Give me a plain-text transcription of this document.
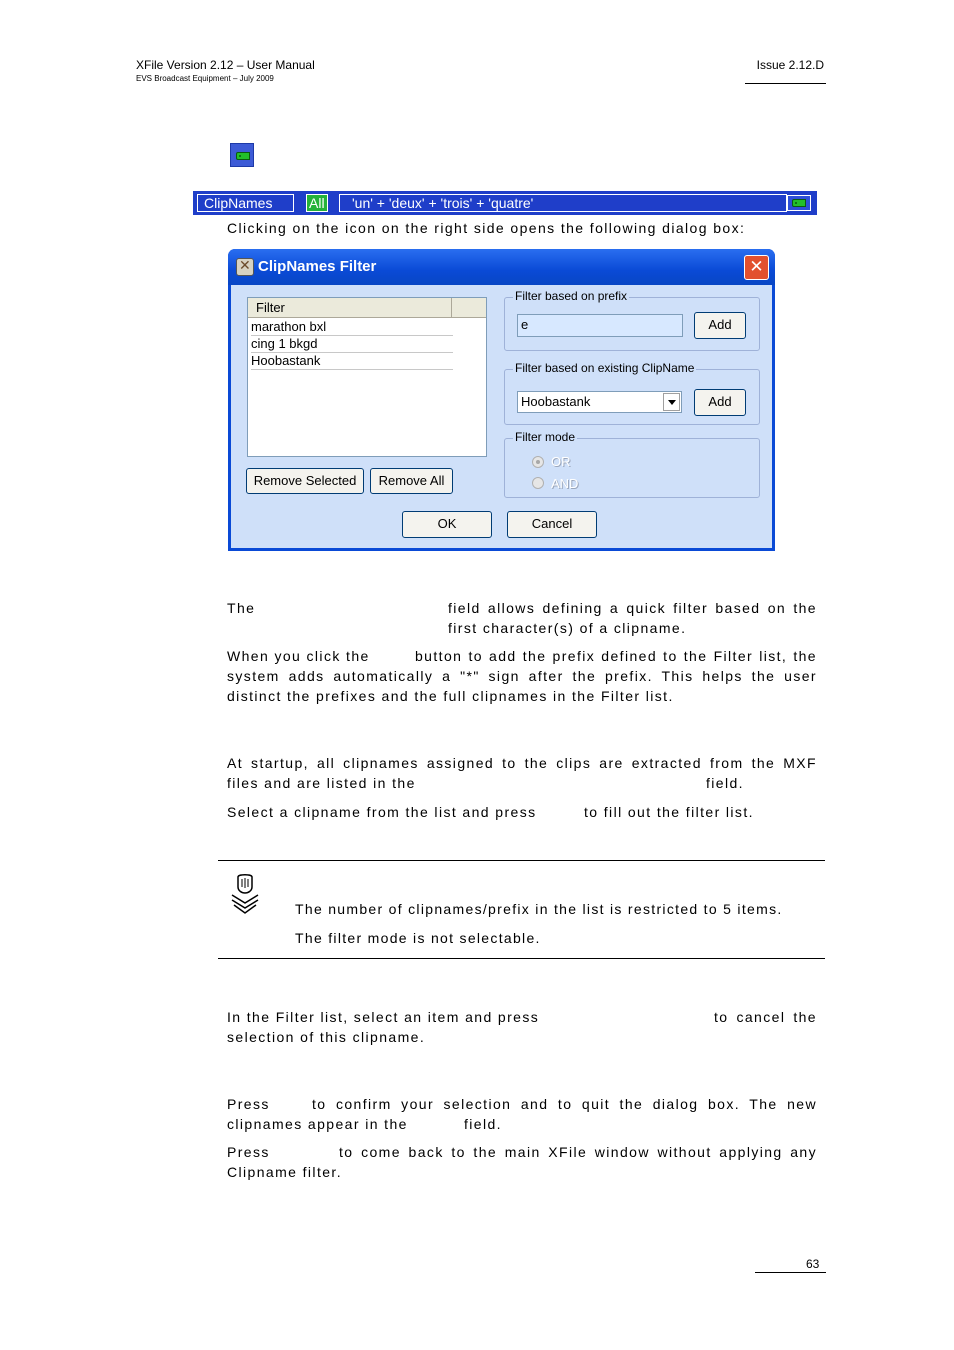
XFile Version 2.12 – User Manual
EVS Broadcast Equipment – July 2009
Issue 2.12.D
ClipNames	All	'un' + 'deux' + 'trois' + 'quatre'
Clicking on the icon on the right side opens the following dialog box:
✕
ClipNames Filter	✕
Filter
marathon bxl
cing 1 bkgd
Hoobastank
Remove Selected	Remove All
Filter based on prefix
e	Add
Filter based on existing ClipName
Hoobastank	Add
Filter mode
OR
AND
OK	Cancel
The	field allows defining a quick filter based on the first character(s) of a clipname.
When you click the	button to add the prefix defined to the Filter list, the system adds automatically a "*" sign after the prefix. This helps the user distinct the prefixes and the full clipnames in the Filter list.
At startup, all clipnames assigned to the clips are extracted from the MXF files and are listed in the	field.
Select a clipname from the list and press	to fill out the filter list.
The number of clipnames/prefix in the list is restricted to 5 items.
The filter mode is not selectable.
In the Filter list, select an item and press	to cancel the selection of this clipname.
Press	to confirm your selection and to quit the dialog box. The new clipnames appear in the	field.
Press	to come back to the main XFile window without applying any Clipname filter.
63
